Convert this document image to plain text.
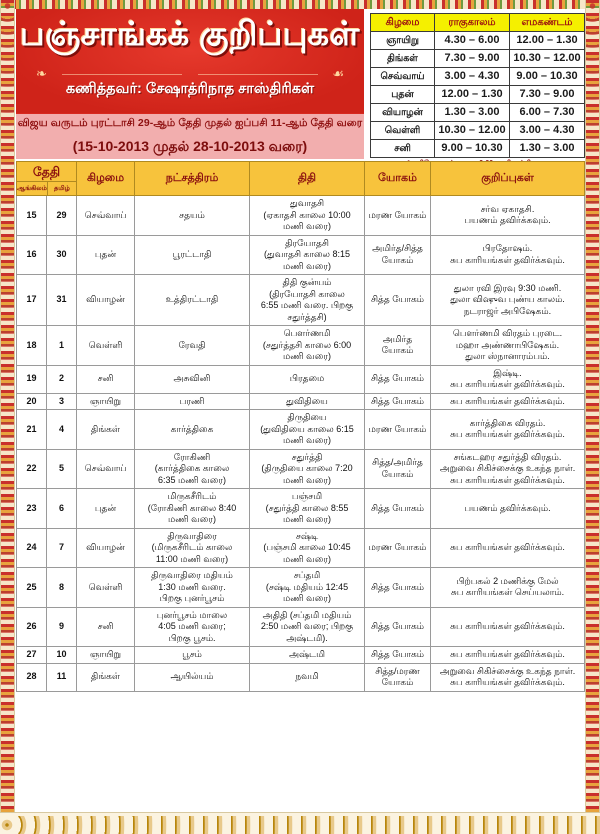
பஞ்சாங்கக் குறிப்புகள்
❧	☙
கணித்தவர்: சேஷாத்ரிநாத சாஸ்திரிகள்
விஜய வருடம் புரட்டாசி 29-ஆம் தேதி முதல் ஐப்பசி 11-ஆம் தேதி வரை
(15-10-2013 முதல் 28-10-2013 வரை)
கிழமை	ராகுகாலம்	எமகண்டம்
ஞாயிறு	4.30 – 6.00	12.00 – 1.30
திங்கள்	7.30 – 9.00	10.30 – 12.00
செவ்வாய்	3.00 – 4.30	9.00 – 10.30
புதன்	12.00 – 1.30	7.30 – 9.00
வியாழன்	1.30 – 3.00	6.00 – 7.30
வெள்ளி	10.30 – 12.00	3.00 – 4.30
சனி	9.00 – 10.30	1.30 – 3.00
தேதி
ஆங்கிலம் தமிழ்		கிழமை	நட்சத்திரம்	திதி	யோகம்	குறிப்புகள்
15	29	செவ்வாய்	சதயம்	துவாதசி
(ஏகாதசி காலை 10:00
மணி வரை)	மரண யோகம்	சர்வ ஏகாதசி.
பயணம் தவிர்க்கவும்.
16	30	புதன்	பூரட்டாதி	திரயோதசி
(துவாதசி காலை 8:15
மணி வரை)	அமிர்த/சித்த
யோகம்	பிரதோஷம்.
சுப காரியங்கள் தவிர்க்கவும்.
17	31	வியாழன்	உத்திரட்டாதி	திதி குன்யம்
(திரயோதசி காலை
6:55 மணி வரை. பிறகு
சதுர்த்தசி)	சித்த யோகம்	துலா ரவி இரவு 9:30 மணி.
துலா விஷுவ புண்ய காலம்.
நடராஜர் அபிஷேகம்.
18	1	வெள்ளி	ரேவதி	பௌர்ணமி
(சதுர்த்தசி காலை 6:00
மணி வரை)	அமிர்த யோகம்	பௌர்ணமி விரதம் புரடை.
மஹா அண்ணாபிஷேகம்.
துலா ஸ்நானாரம்பம்.
19	2	சனி	அசுவினி	பிரதமை	சித்த யோகம்	இஷ்டி.
சுப காரியங்கள் தவிர்க்கவும்.
20	3	ஞாயிறு	பரணி	துவிதியை	சித்த யோகம்	சுப காரியங்கள் தவிர்க்கவும்.
21	4	திங்கள்	கார்த்திகை	திருதியை
(துவிதியை காலை 6:15
மணி வரை)	மரண யோகம்	கார்த்திகை விரதம்.
சுப காரியங்கள் தவிர்க்கவும்.
22	5	செவ்வாய்	ரோகிணி
(கார்த்திகை காலை
6:35 மணி வரை)	சதுர்த்தி
(திருதியை காலை 7:20
மணி வரை)	சித்த/அமிர்த
யோகம்	சங்கடஹர சதுர்த்தி விரதம்.
அறுவை சிகிச்சைக்கு உகந்த நாள்.
சுப காரியங்கள் தவிர்க்கவும்.
23	6	புதன்	மிருகசீரிடம்
(ரோகிணி காலை 8:40
மணி வரை)	பஞ்சமி
(சதுர்த்தி காலை 8:55
மணி வரை)	சித்த யோகம்	பயணம் தவிர்க்கவும்.
24	7	வியாழன்	திருவாதிரை
(மிருகசீரிடம் காலை
11:00 மணி வரை)	சஷ்டி
(பஞ்சமி காலை 10:45
மணி வரை)	மரண யோகம்	சுப காரியங்கள் தவிர்க்கவும்.
25	8	வெள்ளி	திருவாதிரை மதியம்
1:30 மணி வரை.
பிறகு புனர்பூசம்	சப்தமி
(சஷ்டி மதியம் 12:45
மணி வரை)	சித்த யோகம்	பிற்பகல் 2 மணிக்கு மேல்
சுப காரியங்கள் செய்யலாம்.
26	9	சனி	புனர்பூசம் மாலை
4:05 மணி வரை;
பிறகு பூசம்.	அதிதி (சப்தமி மதியம்
2:50 மணி வரை; பிறகு
அஷ்டமி).	சித்த யோகம்	சுப காரியங்கள் தவிர்க்கவும்.
27	10	ஞாயிறு	பூசம்	அஷ்டமி	சித்த யோகம்	சுப காரியங்கள் தவிர்க்கவும்.
28	11	திங்கள்	ஆயில்யம்	நவமி	சித்த/மரண
யோகம்	அறுவை சிகிச்சைக்கு உகந்த நாள்.
சுப காரியங்கள் தவிர்க்கவும்.
